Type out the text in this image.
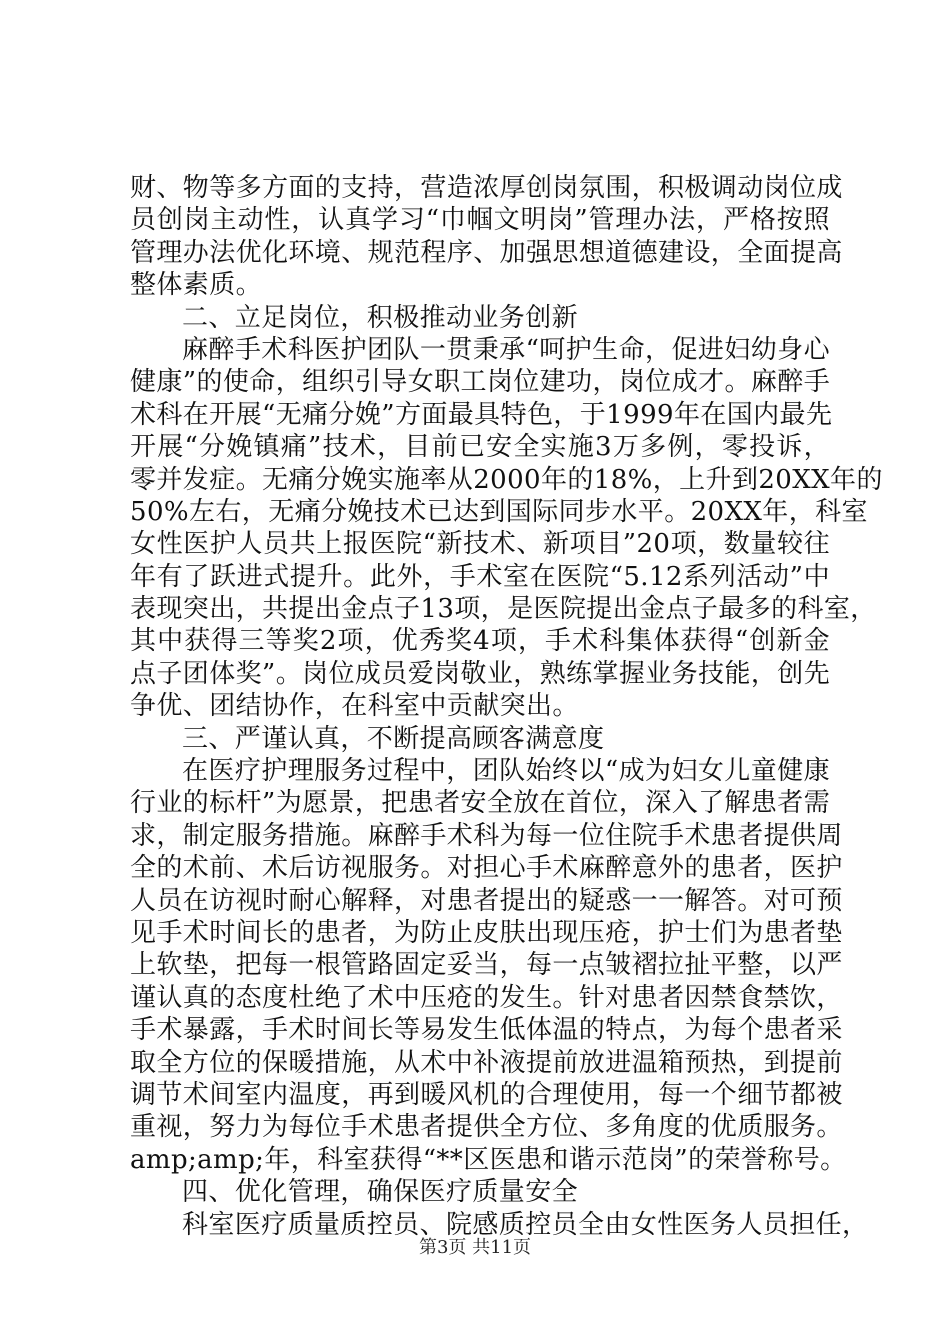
财、物等多方面的支持，营造浓厚创岗氛围，积极调动岗位成
员创岗主动性，认真学习“巾帼文明岗”管理办法，严格按照
管理办法优化环境、规范程序、加强思想道德建设，全面提高
整体素质。
二、立足岗位，积极推动业务创新
麻醉手术科医护团队一贯秉承“呵护生命，促进妇幼身心
健康”的使命，组织引导女职工岗位建功，岗位成才。麻醉手
术科在开展“无痛分娩”方面最具特色，于1999年在国内最先
开展“分娩镇痛”技术，目前已安全实施3万多例，零投诉，
零并发症。无痛分娩实施率从2000年的18%，上升到20XX年的
50%左右，无痛分娩技术已达到国际同步水平。20XX年，科室
女性医护人员共上报医院“新技术、新项目”20项，数量较往
年有了跃进式提升。此外，手术室在医院“5.12系列活动”中
表现突出，共提出金点子13项，是医院提出金点子最多的科室，
其中获得三等奖2项，优秀奖4项，手术科集体获得“创新金
点子团体奖”。岗位成员爱岗敬业，熟练掌握业务技能，创先
争优、团结协作，在科室中贡献突出。
三、严谨认真，不断提高顾客满意度
在医疗护理服务过程中，团队始终以“成为妇女儿童健康
行业的标杆”为愿景，把患者安全放在首位，深入了解患者需
求，制定服务措施。麻醉手术科为每一位住院手术患者提供周
全的术前、术后访视服务。对担心手术麻醉意外的患者，医护
人员在访视时耐心解释，对患者提出的疑惑一一解答。对可预
见手术时间长的患者，为防止皮肤出现压疮，护士们为患者垫
上软垫，把每一根管路固定妥当，每一点皱褶拉扯平整，以严
谨认真的态度杜绝了术中压疮的发生。针对患者因禁食禁饮，
手术暴露，手术时间长等易发生低体温的特点，为每个患者采
取全方位的保暖措施，从术中补液提前放进温箱预热，到提前
调节术间室内温度，再到暖风机的合理使用，每一个细节都被
重视，努力为每位手术患者提供全方位、多角度的优质服务。
amp;amp;年，科室获得“**区医患和谐示范岗”的荣誉称号。
四、优化管理，确保医疗质量安全
科室医疗质量质控员、院感质控员全由女性医务人员担任，
第3页 共11页
